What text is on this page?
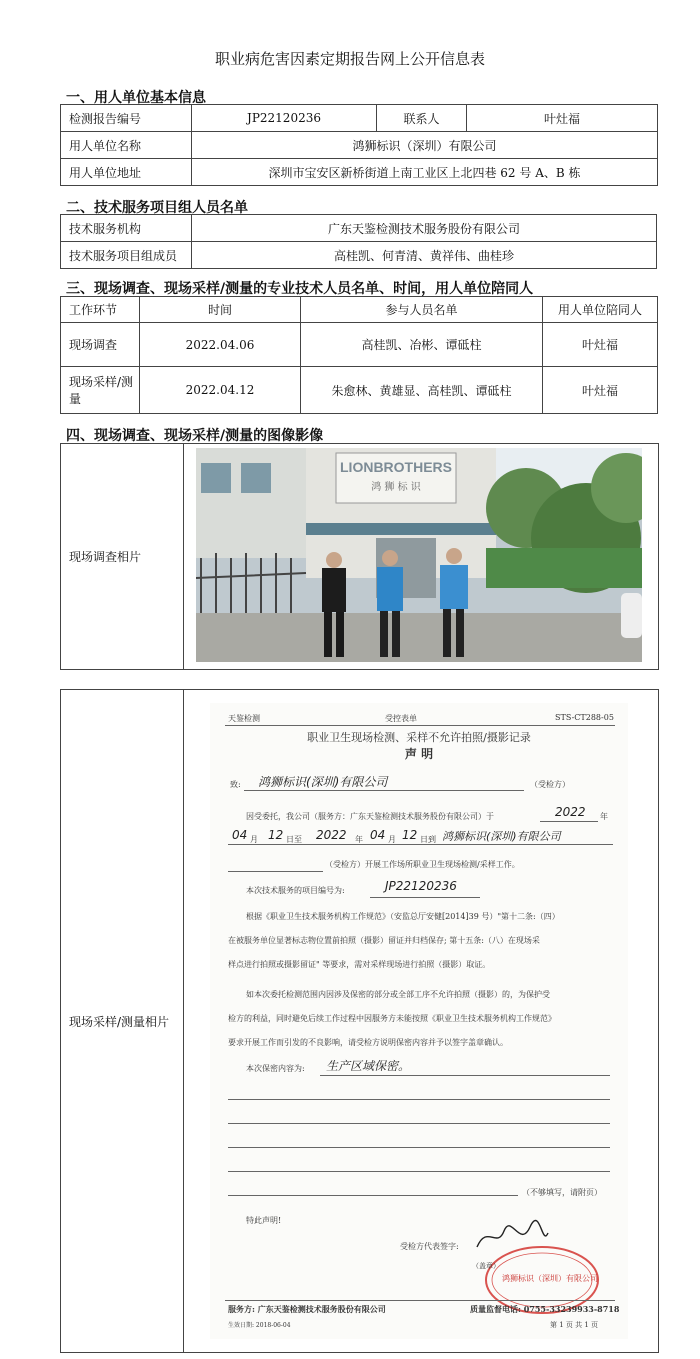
职业病危害因素定期报告网上公开信息表
一、用人单位基本信息
检测报告编号	JP22120236	联系人	叶灶福
用人单位名称	鸿狮标识（深圳）有限公司		
用人单位地址	深圳市宝安区新桥街道上南工业区上北四巷 62 号 A、B 栋		
二、技术服务项目组人员名单
技术服务机构	广东天鉴检测技术服务股份有限公司
技术服务项目组成员	高桂凯、何青清、黄祥伟、曲桂珍
三、现场调查、现场采样/测量的专业技术人员名单、时间，用人单位陪同人
工作环节	时间	参与人员名单	用人单位陪同人
现场调查	2022.04.06	高桂凯、冶彬、谭砥柱	叶灶福
现场采样/测量	2022.04.12	朱愈林、黄雄显、高桂凯、谭砥柱	叶灶福
四、现场调查、现场采样/测量的图像影像
现场调查相片
LIONBROTHERS
鸿 狮 标 识
现场采样/测量相片
天鉴检测	受控表单	STS-CT288-05
职业卫生现场检测、采样不允许拍照/摄影记录
声 明
致: 鸿狮标识(深圳)有限公司	（受检方）
因受委托，我公司（服务方：广东天鉴检测技术服务股份有限公司）于	2022 年
04 月 12 日至 2022 年 04 月 12 日到 鸿狮标识(深圳)有限公司
（受检方）开展工作场所职业卫生现场检测/采样工作。
本次技术服务的项目编号为:	JP22120236
根据《职业卫生技术服务机构工作规范》（安监总厅安健[2014]39 号）"第十二条:（四）
在被服务单位显著标志物位置前拍照（摄影）留证并归档保存; 第十五条:（八）在现场采
样点进行拍照或摄影留证" 等要求，需对采样现场进行拍照（摄影）取证。
如本次委托检测范围内因涉及保密的部分或全部工序不允许拍照（摄影）的，为保护受
检方的利益，同时避免后续工作过程中因服务方未能按照《职业卫生技术服务机构工作规范》
要求开展工作而引发的不良影响，请受检方说明保密内容并予以签字盖章确认。
本次保密内容为: 生产区域保密。
（不够填写，请附页）
特此声明!
受检方代表签字:
鸿狮标识（深圳）有限公司
（盖章）
服务方: 广东天鉴检测技术服务股份有限公司	质量监督电话: 0755-33239933-8718
生效日期: 2018-06-04	第 1 页 共 1 页
